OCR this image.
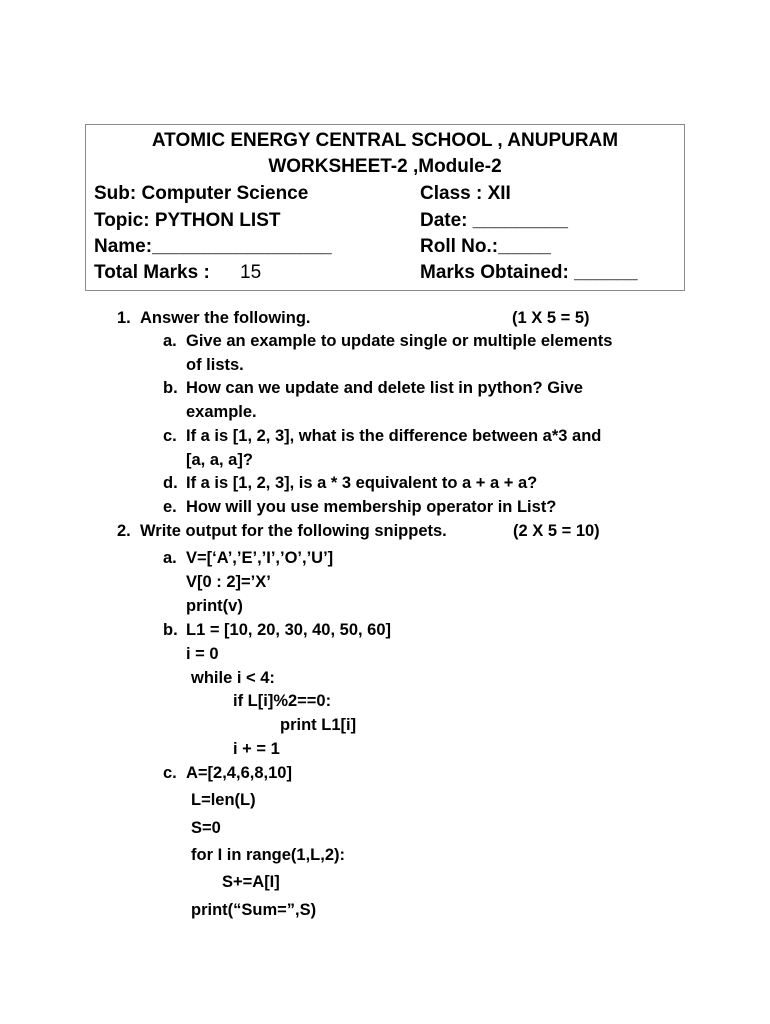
ATOMIC ENERGY CENTRAL SCHOOL , ANUPURAM
WORKSHEET-2 ,Module-2
Sub: Computer Science	Class : XII
Topic: PYTHON LIST	Date: _________
Name:_________________	Roll No.:_____
Total Marks : 15	Marks Obtained: ______
1. Answer the following.	(1 X 5 = 5)
a. Give an example to update single or multiple elements
of lists.
b. How can we update and delete list in python? Give
example.
c. If a is [1, 2, 3], what is the difference between a*3 and
[a, a, a]?
d. If a is [1, 2, 3], is a * 3 equivalent to a + a + a?
e. How will you use membership operator in List?
2. Write output for the following snippets.	(2 X 5 = 10)
a. V=[‘A’,’E’,’I’,’O’,’U’]
V[0 : 2]=’X’
print(v)
b. L1 = [10, 20, 30, 40, 50, 60]
i = 0
while i < 4:
if L[i]%2==0:
print L1[i]
i + = 1
c. A=[2,4,6,8,10]
L=len(L)
S=0
for I in range(1,L,2):
S+=A[I]
print(“Sum=”,S)
